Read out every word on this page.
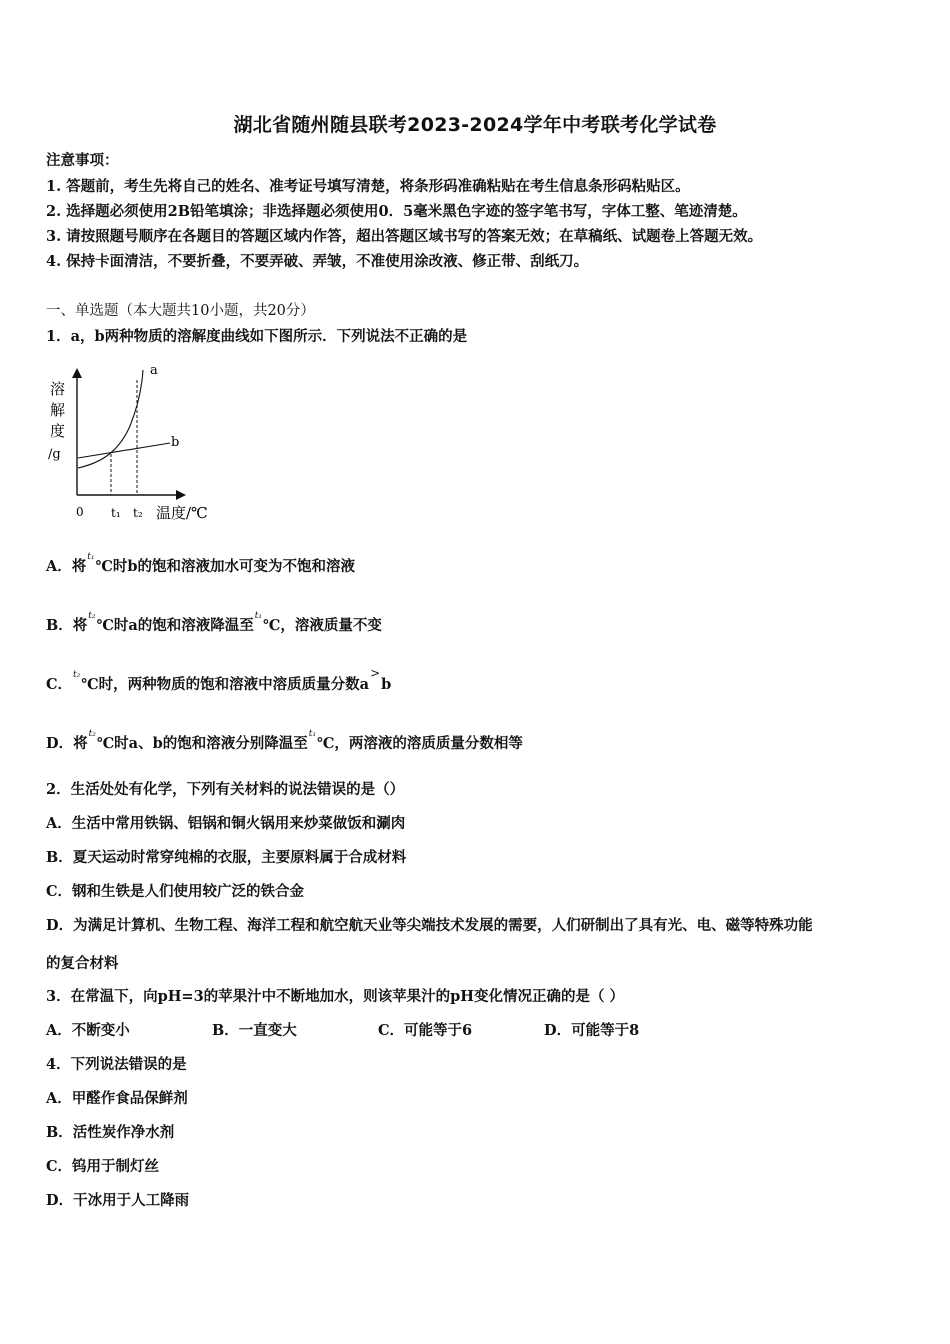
湖北省随州随县联考2023-2024学年中考联考化学试卷
注意事项：
1. 答题前，考生先将自己的姓名、准考证号填写清楚，将条形码准确粘贴在考生信息条形码粘贴区。
2. 选择题必须使用2B铅笔填涂；非选择题必须使用0．5毫米黑色字迹的签字笔书写，字体工整、笔迹清楚。
3. 请按照题号顺序在各题目的答题区域内作答，超出答题区域书写的答案无效；在草稿纸、试题卷上答题无效。
4. 保持卡面清洁，不要折叠，不要弄破、弄皱，不准使用涂改液、修正带、刮纸刀。
一、单选题（本大题共10小题，共20分）
1．a，b两种物质的溶解度曲线如下图所示．下列说法不正确的是
溶
解
度
/g
0 t₁ t₂ 温度/℃
a
b
A．将$^{t_1}$℃时b的饱和溶液加水可变为不饱和溶液
B．将$^{t_2}$℃时a的饱和溶液降温至$^{t_1}$℃，溶液质量不变
C．$^{t_2}$℃时，两种物质的饱和溶液中溶质质量分数a>b
D．将$^{t_2}$℃时a、b的饱和溶液分别降温至$^{t_1}$℃，两溶液的溶质质量分数相等
2．生活处处有化学，下列有关材料的说法错误的是（）
A．生活中常用铁锅、铝锅和铜火锅用来炒菜做饭和涮肉
B．夏天运动时常穿纯棉的衣服，主要原料属于合成材料
C．钢和生铁是人们使用较广泛的铁合金
D．为满足计算机、生物工程、海洋工程和航空航天业等尖端技术发展的需要，人们研制出了具有光、电、磁等特殊功能
的复合材料
3．在常温下，向pH=3的苹果汁中不断地加水，则该苹果汁的pH变化情况正确的是（ ）
A．不断变小	B．一直变大	C．可能等于6	D．可能等于8
4．下列说法错误的是
A．甲醛作食品保鲜剂
B．活性炭作净水剂
C．钨用于制灯丝
D．干冰用于人工降雨
